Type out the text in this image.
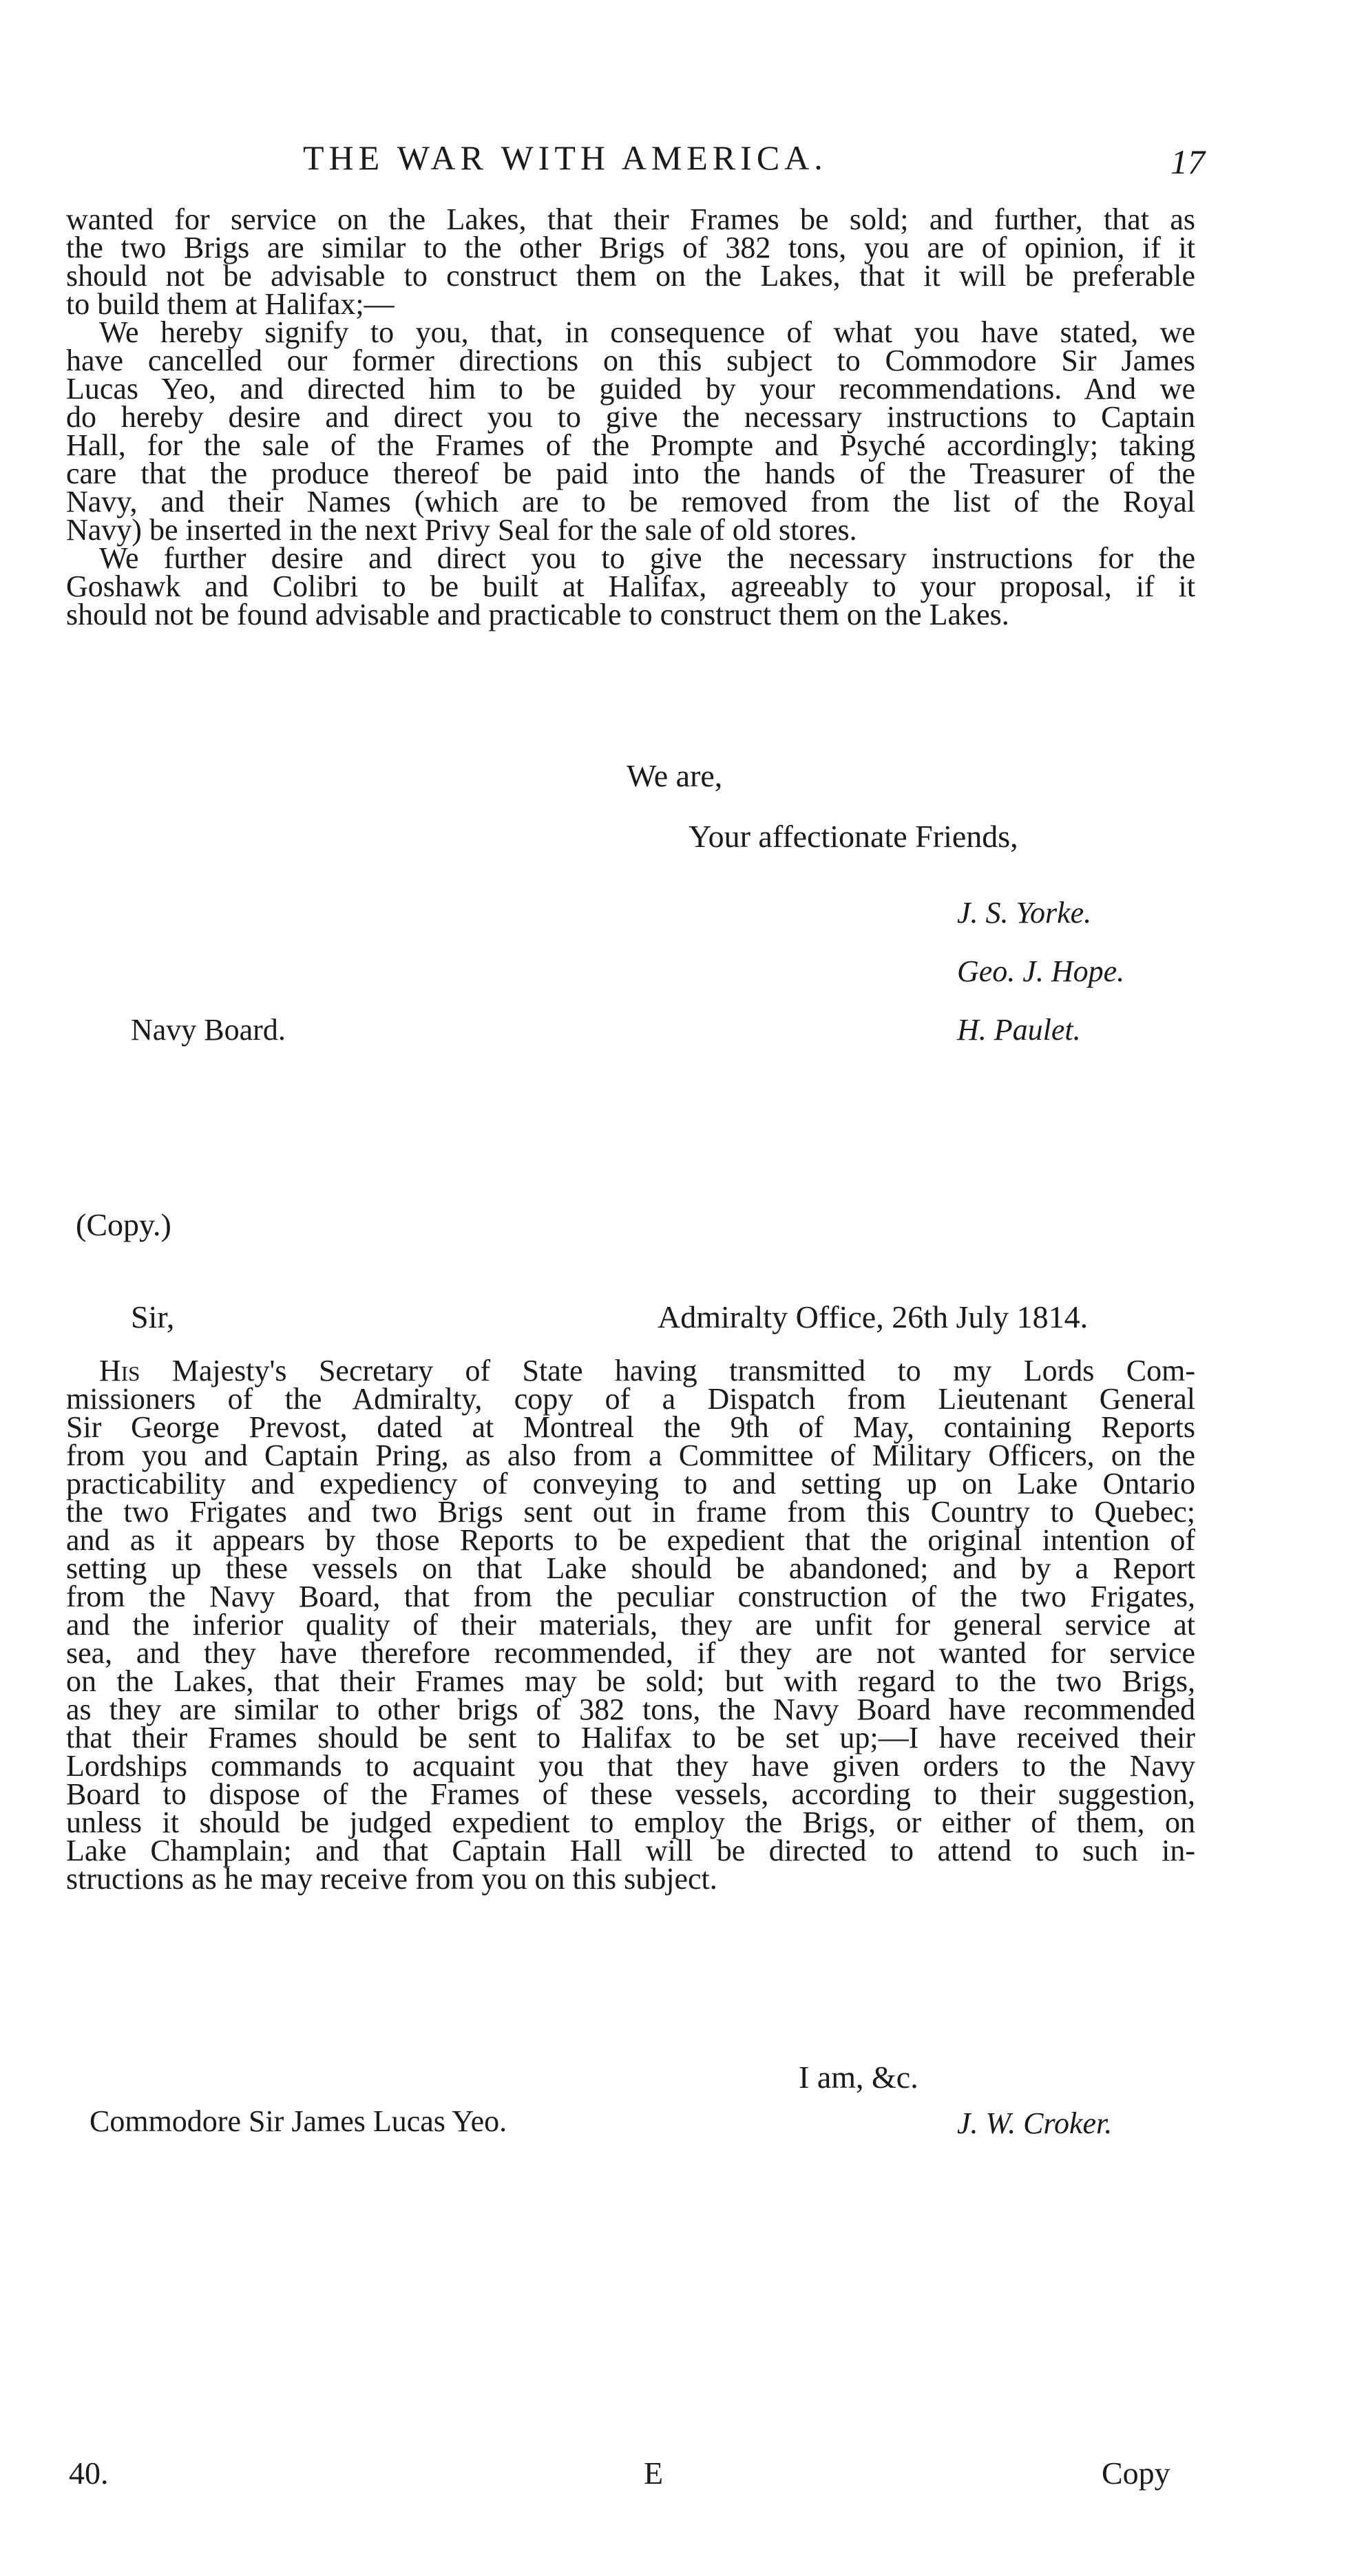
THE WAR WITH AMERICA.	17
wanted for service on the Lakes, that their Frames be sold; and further, that as
the two Brigs are similar to the other Brigs of 382 tons, you are of opinion, if it
should not be advisable to construct them on the Lakes, that it will be preferable
to build them at Halifax;—
We hereby signify to you, that, in consequence of what you have stated, we
have cancelled our former directions on this subject to Commodore Sir James
Lucas Yeo, and directed him to be guided by your recommendations. And we
do hereby desire and direct you to give the necessary instructions to Captain
Hall, for the sale of the Frames of the Prompte and Psyché accordingly; taking
care that the produce thereof be paid into the hands of the Treasurer of the
Navy, and their Names (which are to be removed from the list of the Royal
Navy) be inserted in the next Privy Seal for the sale of old stores.
We further desire and direct you to give the necessary instructions for the
Goshawk and Colibri to be built at Halifax, agreeably to your proposal, if it
should not be found advisable and practicable to construct them on the Lakes.
We are,
Your affectionate Friends,
J. S. Yorke.
Geo. J. Hope.
H. Paulet.
Navy Board.
(Copy.)
Sir,	Admiralty Office, 26th July 1814.
His Majesty's Secretary of State having transmitted to my Lords Com-
missioners of the Admiralty, copy of a Dispatch from Lieutenant General
Sir George Prevost, dated at Montreal the 9th of May, containing Reports
from you and Captain Pring, as also from a Committee of Military Officers, on the
practicability and expediency of conveying to and setting up on Lake Ontario
the two Frigates and two Brigs sent out in frame from this Country to Quebec;
and as it appears by those Reports to be expedient that the original intention of
setting up these vessels on that Lake should be abandoned; and by a Report
from the Navy Board, that from the peculiar construction of the two Frigates,
and the inferior quality of their materials, they are unfit for general service at
sea, and they have therefore recommended, if they are not wanted for service
on the Lakes, that their Frames may be sold; but with regard to the two Brigs,
as they are similar to other brigs of 382 tons, the Navy Board have recommended
that their Frames should be sent to Halifax to be set up;—I have received their
Lordships commands to acquaint you that they have given orders to the Navy
Board to dispose of the Frames of these vessels, according to their suggestion,
unless it should be judged expedient to employ the Brigs, or either of them, on
Lake Champlain; and that Captain Hall will be directed to attend to such in-
structions as he may receive from you on this subject.
I am, &c.
Commodore Sir James Lucas Yeo.	J. W. Croker.
40.	E	Copy
